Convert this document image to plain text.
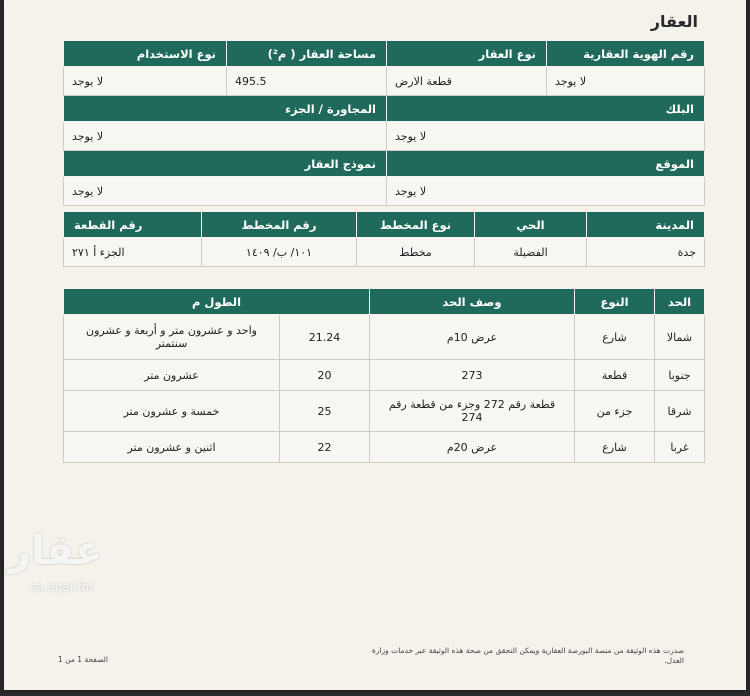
العقار
رقم الهوية العقارية	نوع العقار	مساحة العقار ( م²)	نوع الاستخدام
لا يوجد	قطعة الارض	495.5	لا يوجد
البلك		المجاورة / الجزء	
لا يوجد		لا يوجد	
الموقع		نموذج العقار	
لا يوجد		لا يوجد	
المدينة	الحي	نوع المخطط	رقم المخطط	رقم القطعة
جدة	الفضيلة	مخطط	١٠١/ ب/ ١٤٠٩	الجزء أ ٢٧١
الحد	النوع	وصف الحد	الطول م	
شمالا	شارع	عرض 10م	21.24	واحد و عشرون متر و أربعة و عشرون سنتمتر
جنوبا	قطعة	273	20	عشرون متر
شرقا	جزء من	قطعة رقم 272 وجزء من قطعة رقم 274	25	خمسة و عشرون متر
غربا	شارع	عرض 20م	22	اثنين و عشرون متر
صدرت هذه الوثيقة من منصة البورصة العقارية ويمكن التحقق من صحة هذه الوثيقة عبر خدمات وزارة العدل.
الصفحة 1 من 1
عقار
sa.aqar.fm
